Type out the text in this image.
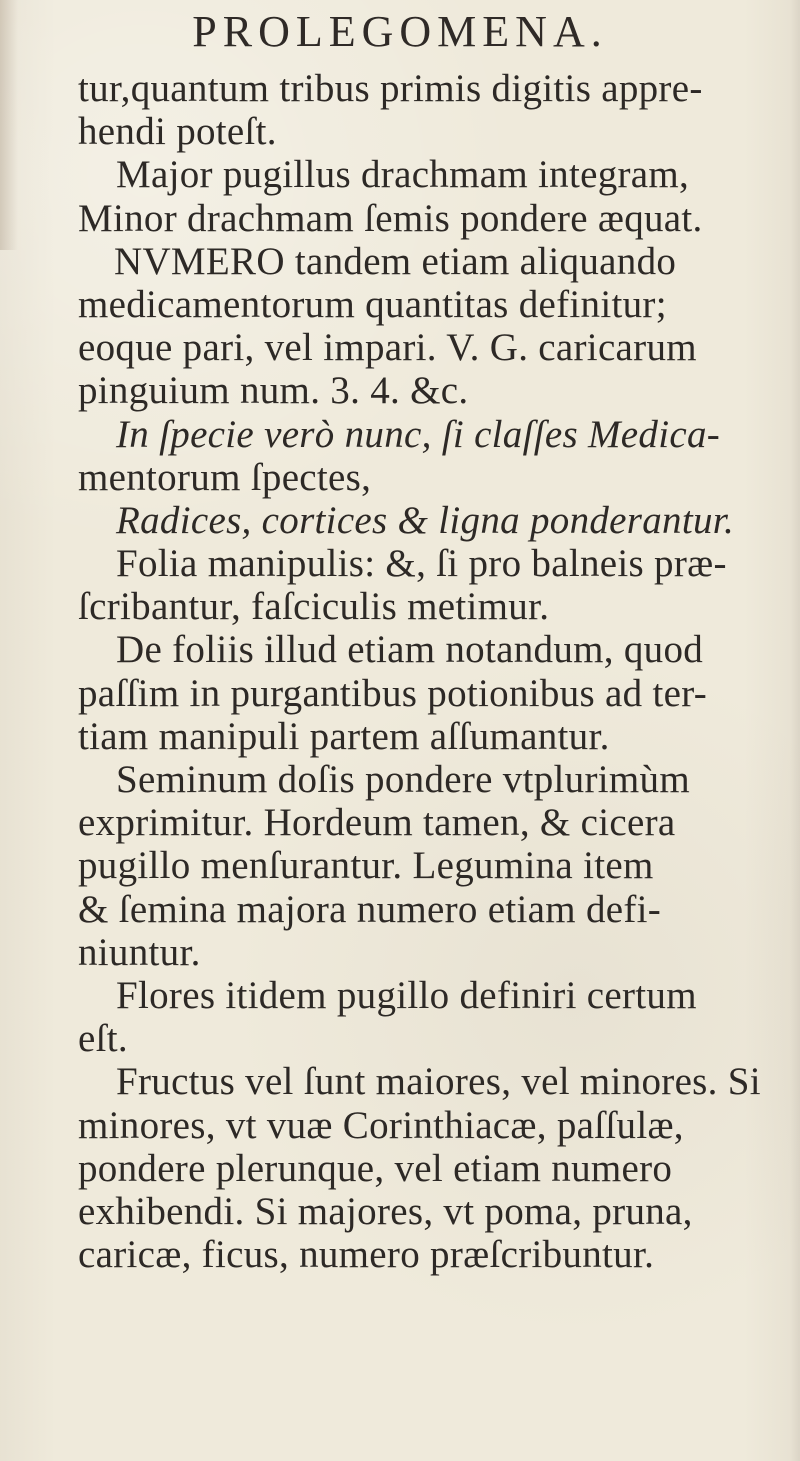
PROLEGOMENA.
tur,quantum tribus primis digitis appre-
hendi poteſt.
Major pugillus drachmam integram,
Minor drachmam ſemis pondere æquat.
NVMERO tandem etiam aliquando
medicamentorum quantitas definitur;
eoque pari, vel impari. V. G. caricarum
pinguium num. 3. 4. &c.
In ſpecie verò nunc, ſi claſſes Medica-
mentorum ſpectes,
Radices, cortices & ligna ponderantur.
Folia manipulis: &, ſi pro balneis præ-
ſcribantur, faſciculis metimur.
De foliis illud etiam notandum, quod
paſſim in purgantibus potionibus ad ter-
tiam manipuli partem aſſumantur.
Seminum doſis pondere vtplurimùm
exprimitur. Hordeum tamen, & cicera
pugillo menſurantur. Legumina item
& ſemina majora numero etiam defi-
niuntur.
Flores itidem pugillo definiri certum
eſt.
Fructus vel ſunt maiores, vel minores. Si
minores, vt vuæ Corinthiacæ, paſſulæ,
pondere plerunque, vel etiam numero
exhibendi. Si majores, vt poma, pruna,
caricæ, ficus, numero præſcribuntur.
